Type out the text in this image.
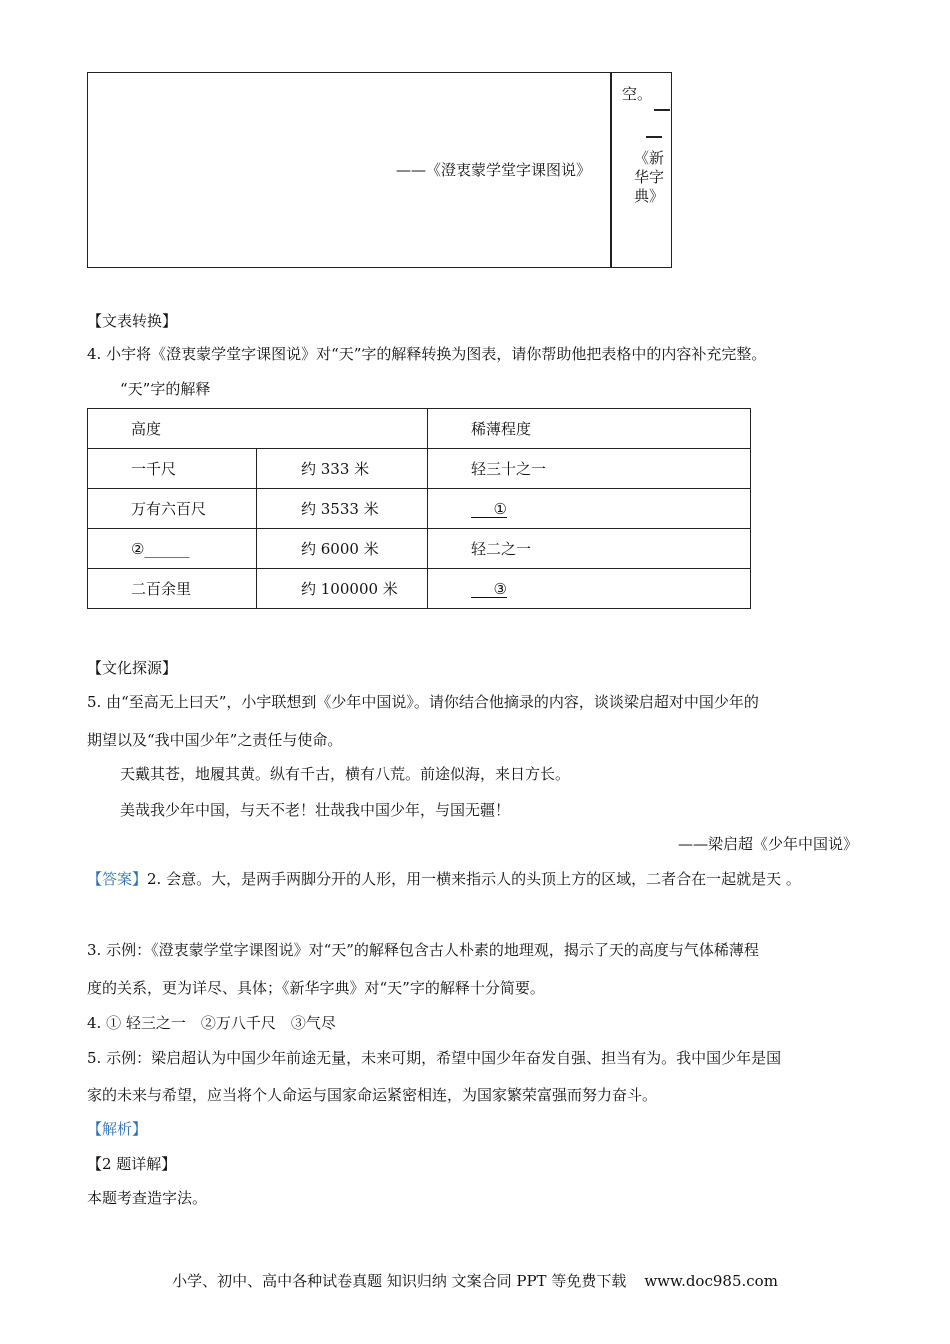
——《澄衷蒙学堂字课图说》
空。
《新华字典》
【文表转换】
4. 小宇将《澄衷蒙学堂字课图说》对“天”字的解释转换为图表，请你帮助他把表格中的内容补充完整。
“天”字的解释
高度		稀薄程度
一千尺	约 333 米	轻三十之一
万有六百尺	约 3533 米	___①
②______	约 6000 米	轻二之一
二百余里	约 100000 米	___③
【文化探源】
5. 由“至高无上曰天”，小宇联想到《少年中国说》。请你结合他摘录的内容，谈谈梁启超对中国少年的
期望以及“我中国少年”之责任与使命。
天戴其苍，地履其黄。纵有千古，横有八荒。前途似海，来日方长。
美哉我少年中国，与天不老！壮哉我中国少年，与国无疆！
——梁启超《少年中国说》
【答案】2. 会意。大，是两手两脚分开的人形，用一横来指示人的头顶上方的区域，二者合在一起就是天 。
3. 示例：《澄衷蒙学堂字课图说》对“天”的解释包含古人朴素的地理观，揭示了天的高度与气体稀薄程
度的关系，更为详尽、具体；《新华字典》对“天”字的解释十分简要。
4. ① 轻三之一　②万八千尺　③气尽
5. 示例：梁启超认为中国少年前途无量，未来可期，希望中国少年奋发自强、担当有为。我中国少年是国
家的未来与希望，应当将个人命运与国家命运紧密相连，为国家繁荣富强而努力奋斗。
【解析】
【2 题详解】
本题考查造字法。
小学、初中、高中各种试卷真题 知识归纳 文案合同 PPT 等免费下载 www.doc985.com
